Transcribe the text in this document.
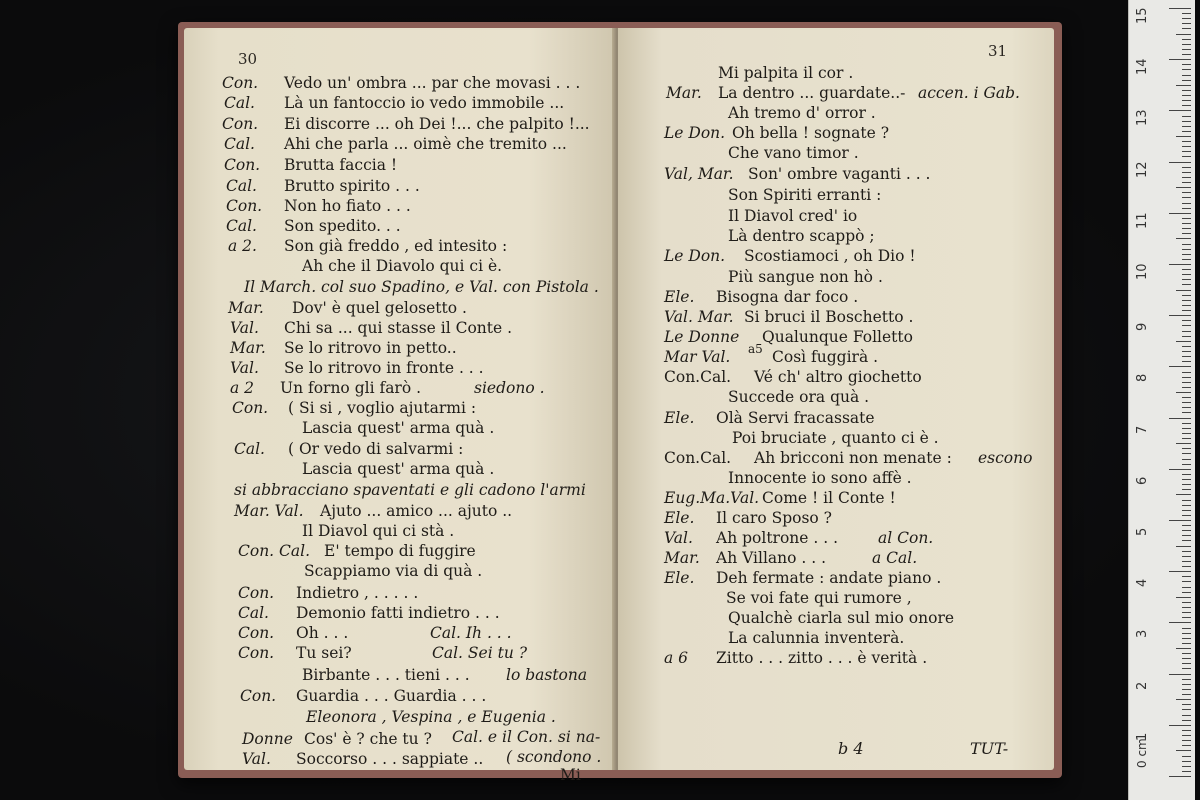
30
Con. Vedo un' ombra ... par che movasi . . .
Cal. Là un fantoccio io vedo immobile ...
Con. Ei discorre ... oh Dei !... che palpito !...
Cal. Ahi che parla ... oimè che tremito ...
Con. Brutta faccia !
Cal. Brutto spirito . . .
Con. Non ho fiato . . .
Cal. Son spedito. . .
a 2. Son già freddo , ed intesito :
Ah che il Diavolo qui ci è.
Il March. col suo Spadino, e Val. con Pistola .
Mar. Dov' è quel gelosetto .
Val. Chi sa ... qui stasse il Conte .
Mar. Se lo ritrovo in petto..
Val. Se lo ritrovo in fronte . . .
a 2 Un forno gli farò .	siedono .
Con. ( Si si , voglio ajutarmi :
Lascia quest' arma quà .
Cal. ( Or vedo di salvarmi :
Lascia quest' arma quà .
si abbracciano spaventati e gli cadono l'armi
Mar. Val. Ajuto ... amico ... ajuto ..
Il Diavol qui ci stà .
Con. Cal. E' tempo di fuggire
Scappiamo via di quà .
Con. Indietro , . . . . .
Cal. Demonio fatti indietro . . .
Con. Oh . . .	Cal. Ih . . .
Con. Tu sei?	Cal. Sei tu ?
Birbante . . . tieni . . . lo bastona
Con. Guardia . . . Guardia . . .
Eleonora , Vespina , e Eugenia .
Donne Cos' è ? che tu ? Cal. e il Con. si na-
Val. Soccorso . . . sappiate .. ( scondono .
Mi
31
Mi palpita il cor .
Mar. La dentro ... guardate..- accen. i Gab.
Ah tremo d' orror .
Le Don. Oh bella ! sognate ?
Che vano timor .
Val, Mar. Son' ombre vaganti . . .
Son Spiriti erranti :
Il Diavol cred' io
Là dentro scappò ;
Le Don. Scostiamoci , oh Dio !
Più sangue non hò .
Ele. Bisogna dar foco .
Val. Mar. Si bruci il Boschetto .
Le Donne Qualunque Folletto
Mar Val. a5 Così fuggirà .
Con.Cal. Vé ch' altro giochetto
Succede ora quà .
Ele. Olà Servi fracassate
Poi bruciate , quanto ci è .
Con.Cal. Ah bricconi non menate : escono
Innocente io sono affè .
Eug.Ma.Val. Come ! il Conte !
Ele. Il caro Sposo ?
Val. Ah poltrone . . .	al Con.
Mar. Ah Villano . . .	a Cal.
Ele. Deh fermate : andate piano .
Se voi fate qui rumore ,
Qualchè ciarla sul mio onore
La calunnia inventerà.
a 6 Zitto . . . zitto . . . è verità .
b 4	TUT-
15
14
13
12
11
10
9
8
7
6
5
4
3
2
1
0 cm
